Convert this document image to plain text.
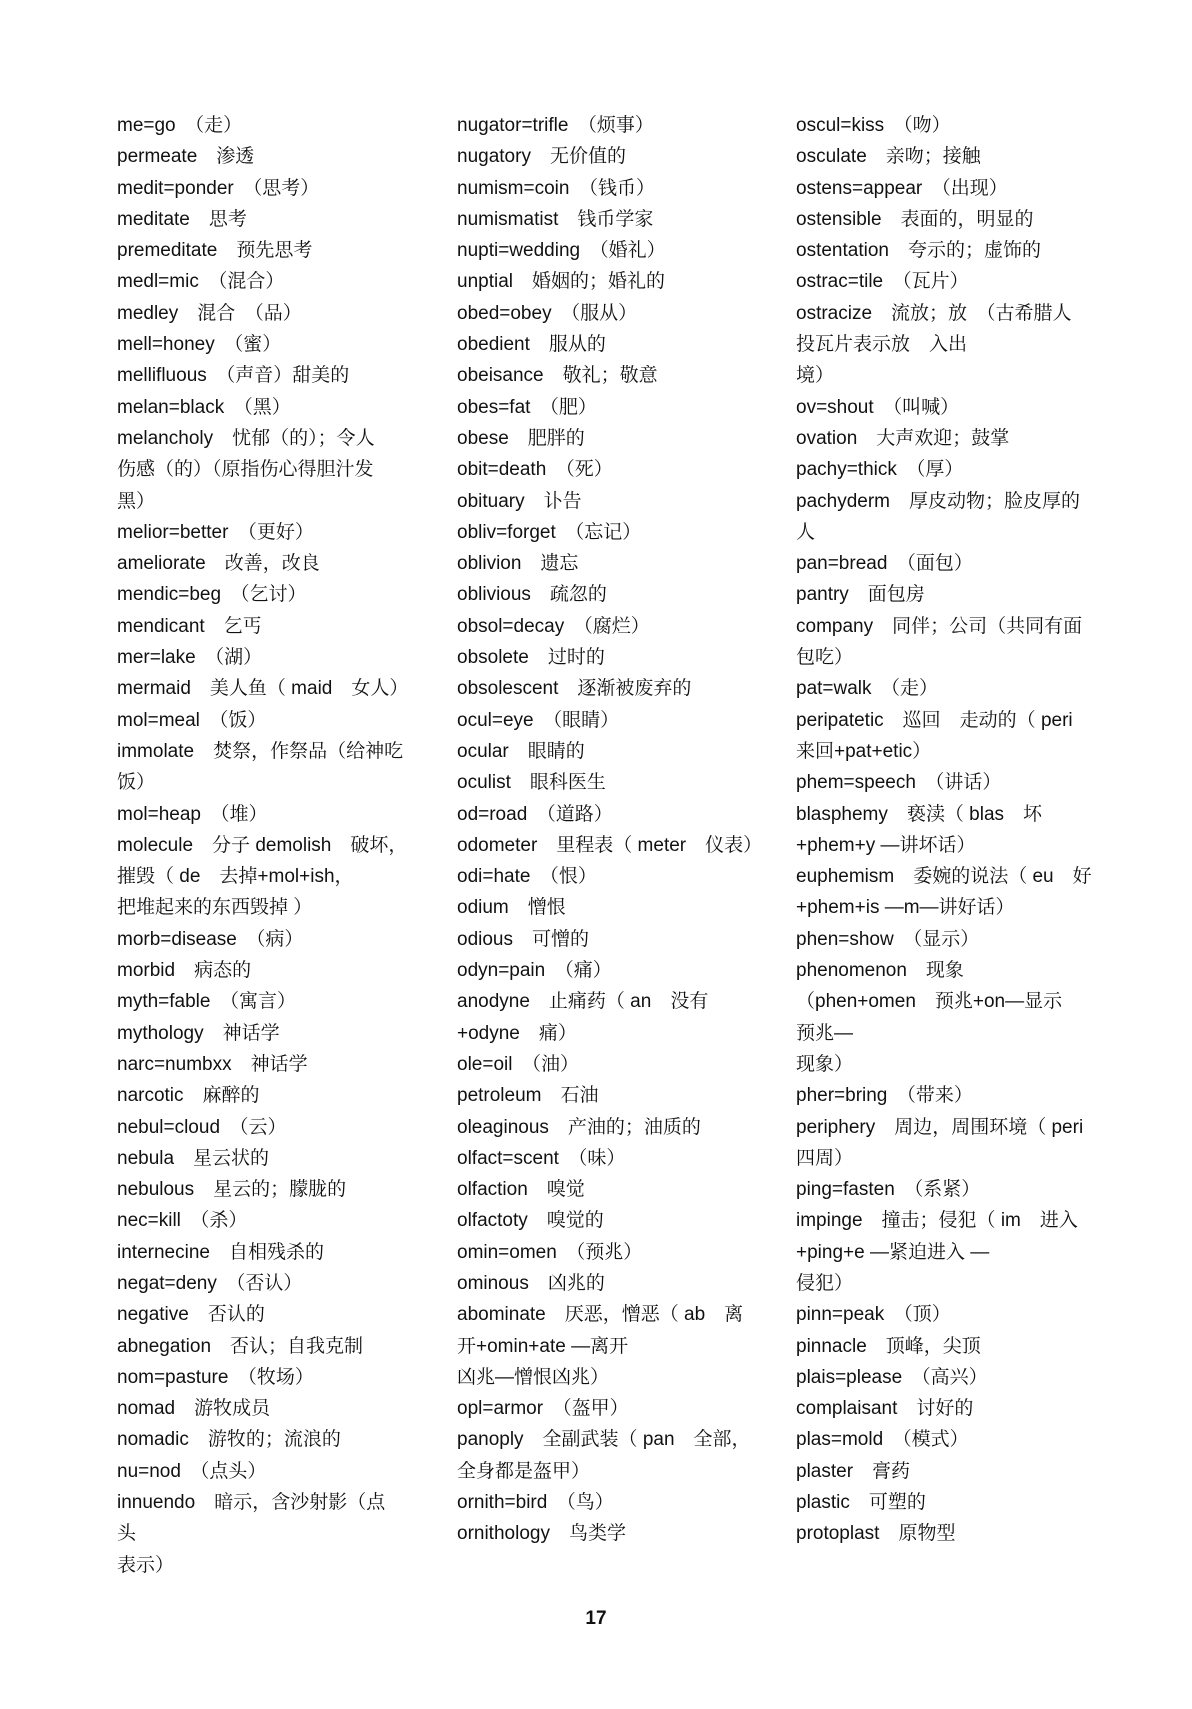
me=go　（走）
permeate　渗透
medit=ponder　（思考）
meditate　思考
premeditate　预先思考
medl=mic　（混合）
medley　混合　（品）
mell=honey　（蜜）
mellifluous　（声音）甜美的
melan=black　（黑）
melancholy　忧郁（的）；令人
伤感（的）（原指伤心得胆汁发
黑）
melior=better　（更好）
ameliorate　改善，改良
mendic=beg　（乞讨）
mendicant　乞丐
mer=lake　（湖）
mermaid　美人鱼（ maid　女人）
mol=meal　（饭）
immolate　焚祭，作祭品（给神吃
饭）
mol=heap　（堆）
molecule　分子 demolish　破坏，
摧毁（ de　去掉+mol+ish，
把堆起来的东西毁掉 ）
morb=disease　（病）
morbid　病态的
myth=fable　（寓言）
mythology　神话学
narc=numbxx　神话学
narcotic　麻醉的
nebul=cloud　（云）
nebula　星云状的
nebulous　星云的；朦胧的
nec=kill　（杀）
internecine　自相残杀的
negat=deny　（否认）
negative　否认的
abnegation　否认；自我克制
nom=pasture　（牧场）
nomad　游牧成员
nomadic　游牧的；流浪的
nu=nod　（点头）
innuendo　暗示，含沙射影（点
头
表示）
nugator=trifle　（烦事）
nugatory　无价值的
numism=coin　（钱币）
numismatist　钱币学家
nupti=wedding　（婚礼）
unptial　婚姻的；婚礼的
obed=obey　（服从）
obedient　服从的
obeisance　敬礼；敬意
obes=fat　（肥）
obese　肥胖的
obit=death　（死）
obituary　讣告
obliv=forget　（忘记）
oblivion　遗忘
oblivious　疏忽的
obsol=decay　（腐烂）
obsolete　过时的
obsolescent　逐渐被废弃的
ocul=eye　（眼睛）
ocular　眼睛的
oculist　眼科医生
od=road　（道路）
odometer　里程表（ meter　仪表）
odi=hate　（恨）
odium　憎恨
odious　可憎的
odyn=pain　（痛）
anodyne　止痛药（ an　没有
+odyne　痛）
ole=oil　（油）
petroleum　石油
oleaginous　产油的；油质的
olfact=scent　（味）
olfaction　嗅觉
olfactoty　嗅觉的
omin=omen　（预兆）
ominous　凶兆的
abominate　厌恶，憎恶（ ab　离
开+omin+ate —离开
凶兆—憎恨凶兆）
opl=armor　（盔甲）
panoply　全副武装（ pan　全部，
全身都是盔甲）
ornith=bird　（鸟）
ornithology　鸟类学
oscul=kiss　（吻）
osculate　亲吻；接触
ostens=appear　（出现）
ostensible　表面的，明显的
ostentation　夸示的；虚饰的
ostrac=tile　（瓦片）
ostracize　流放；放　（古希腊人
投瓦片表示放　入出
境）
ov=shout　（叫喊）
ovation　大声欢迎；鼓掌
pachy=thick　（厚）
pachyderm　厚皮动物；脸皮厚的
人
pan=bread　（面包）
pantry　面包房
company　同伴；公司（共同有面
包吃）
pat=walk　（走）
peripatetic　巡回　走动的（ peri
来回+pat+etic）
phem=speech　（讲话）
blasphemy　亵渎（ blas　坏
+phem+y —讲坏话）
euphemism　委婉的说法（ eu　好
+phem+is —m—讲好话）
phen=show　（显示）
phenomenon　现象
（phen+omen　预兆+on—显示
预兆—
现象）
pher=bring　（带来）
periphery　周边，周围环境（ peri
四周）
ping=fasten　（系紧）
impinge　撞击；侵犯（ im　进入
+ping+e —紧迫进入 —
侵犯）
pinn=peak　（顶）
pinnacle　顶峰，尖顶
plais=please　（高兴）
complaisant　讨好的
plas=mold　（模式）
plaster　膏药
plastic　可塑的
protoplast　原物型
17
